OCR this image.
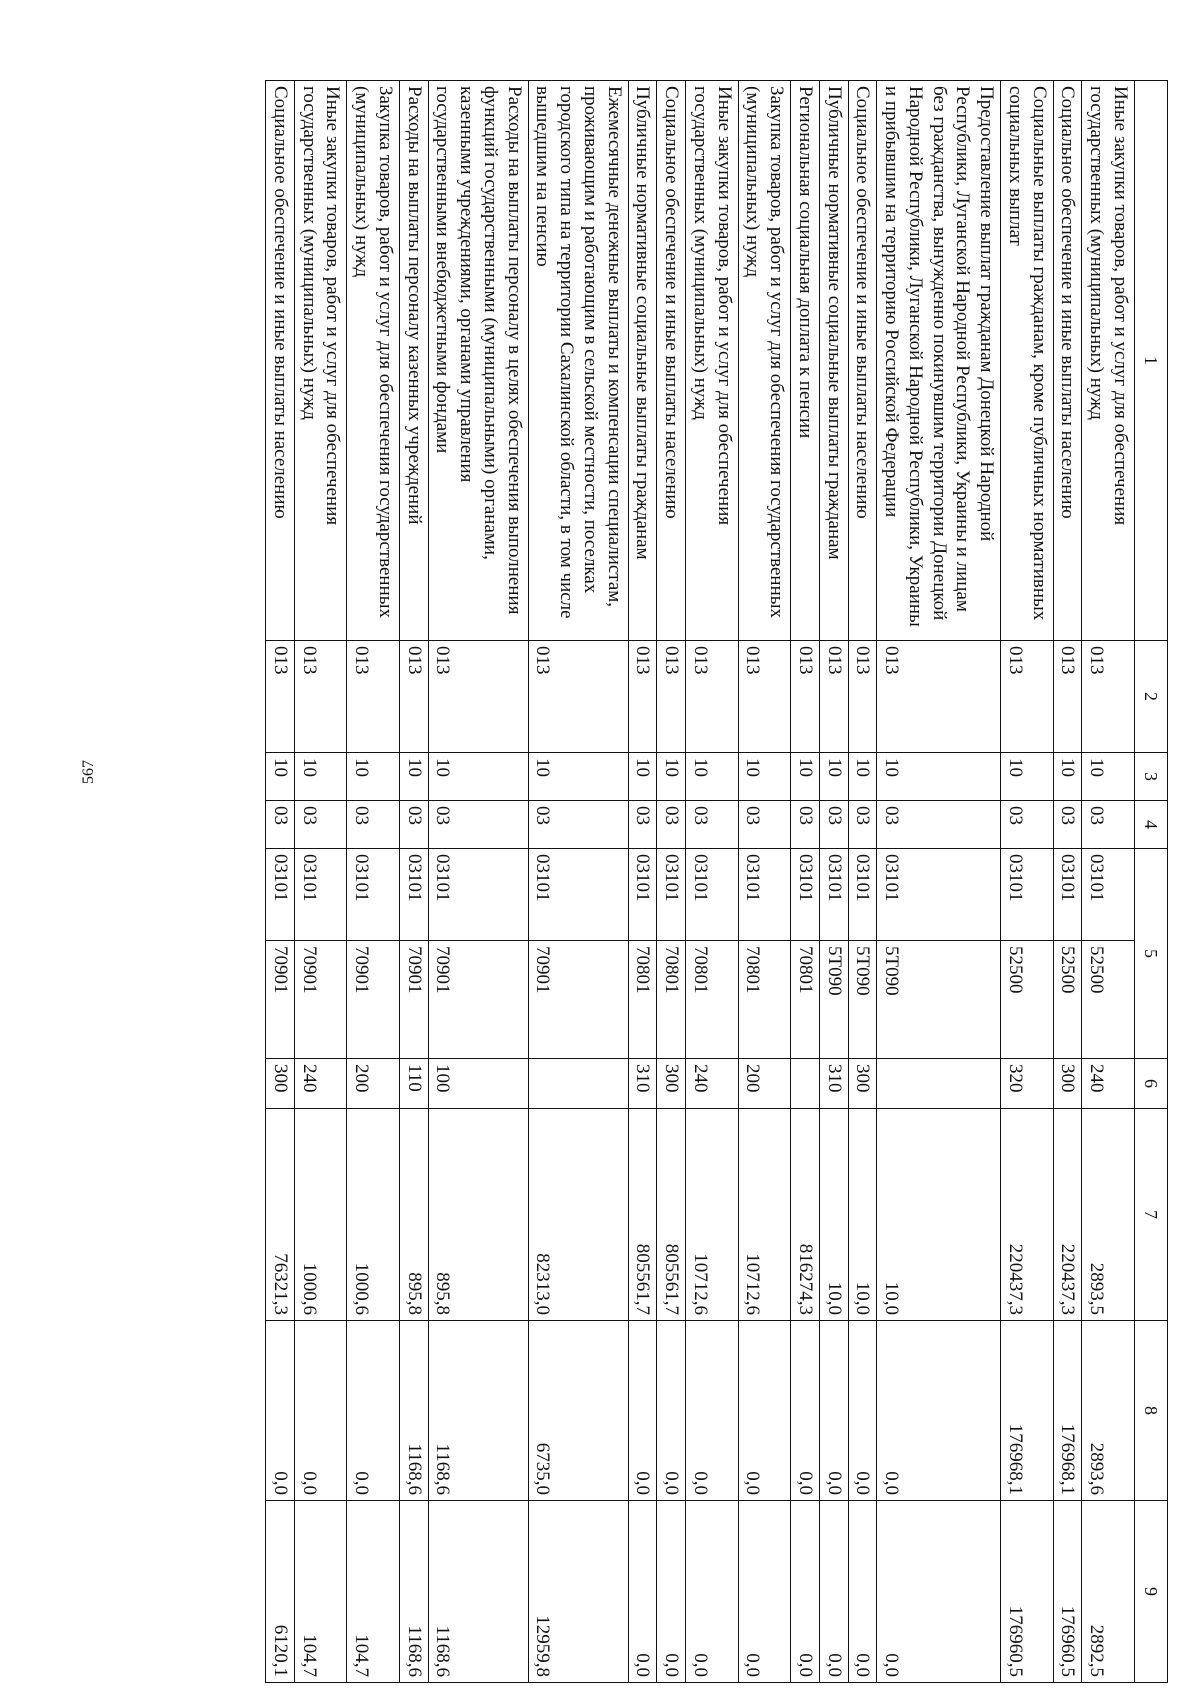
567
1	2	3	4	5		6	7	8	9
Иные закупки товаров, работ и услуг для обеспечения государственных (муниципальных) нужд	013	10	03	03101	52500	240	2893,5	2893,6	2892,5
Социальное обеспечение и иные выплаты населению	013	10	03	03101	52500	300	220437,3	176968,1	176960,5
Социальные выплаты гражданам, кроме публичных нормативных социальных выплат	013	10	03	03101	52500	320	220437,3	176968,1	176960,5
Предоставление выплат гражданам Донецкой Народной Республики, Луганской Народной Республики, Украины и лицам без гражданства, вынужденно покинувшим территории Донецкой Народной Республики, Луганской Народной Республики, Украины и прибывшим на территорию Российской Федерации	013	10	03	03101	5Т090		10,0	0,0	0,0
Социальное обеспечение и иные выплаты населению	013	10	03	03101	5Т090	300	10,0	0,0	0,0
Публичные нормативные социальные выплаты гражданам	013	10	03	03101	5Т090	310	10,0	0,0	0,0
Региональная социальная доплата к пенсии	013	10	03	03101	70801		816274,3	0,0	0,0
Закупка товаров, работ и услуг для обеспечения государственных (муниципальных) нужд	013	10	03	03101	70801	200	10712,6	0,0	0,0
Иные закупки товаров, работ и услуг для обеспечения государственных (муниципальных) нужд	013	10	03	03101	70801	240	10712,6	0,0	0,0
Социальное обеспечение и иные выплаты населению	013	10	03	03101	70801	300	805561,7	0,0	0,0
Публичные нормативные социальные выплаты гражданам	013	10	03	03101	70801	310	805561,7	0,0	0,0
Ежемесячные денежные выплаты и компенсации специалистам, проживающим и работающим в сельской местности, поселках городского типа на территории Сахалинской области, в том числе вышедшим на пенсию	013	10	03	03101	70901		82313,0	6735,0	12959,8
Расходы на выплаты персоналу в целях обеспечения выполнения функций государственными (муниципальными) органами, казенными учреждениями, органами управления государственными внебюджетными фондами	013	10	03	03101	70901	100	895,8	1168,6	1168,6
Расходы на выплаты персоналу казенных учреждений	013	10	03	03101	70901	110	895,8	1168,6	1168,6
Закупка товаров, работ и услуг для обеспечения государственных (муниципальных) нужд	013	10	03	03101	70901	200	1000,6	0,0	104,7
Иные закупки товаров, работ и услуг для обеспечения государственных (муниципальных) нужд	013	10	03	03101	70901	240	1000,6	0,0	104,7
Социальное обеспечение и иные выплаты населению	013	10	03	03101	70901	300	76321,3	0,0	6120,1
